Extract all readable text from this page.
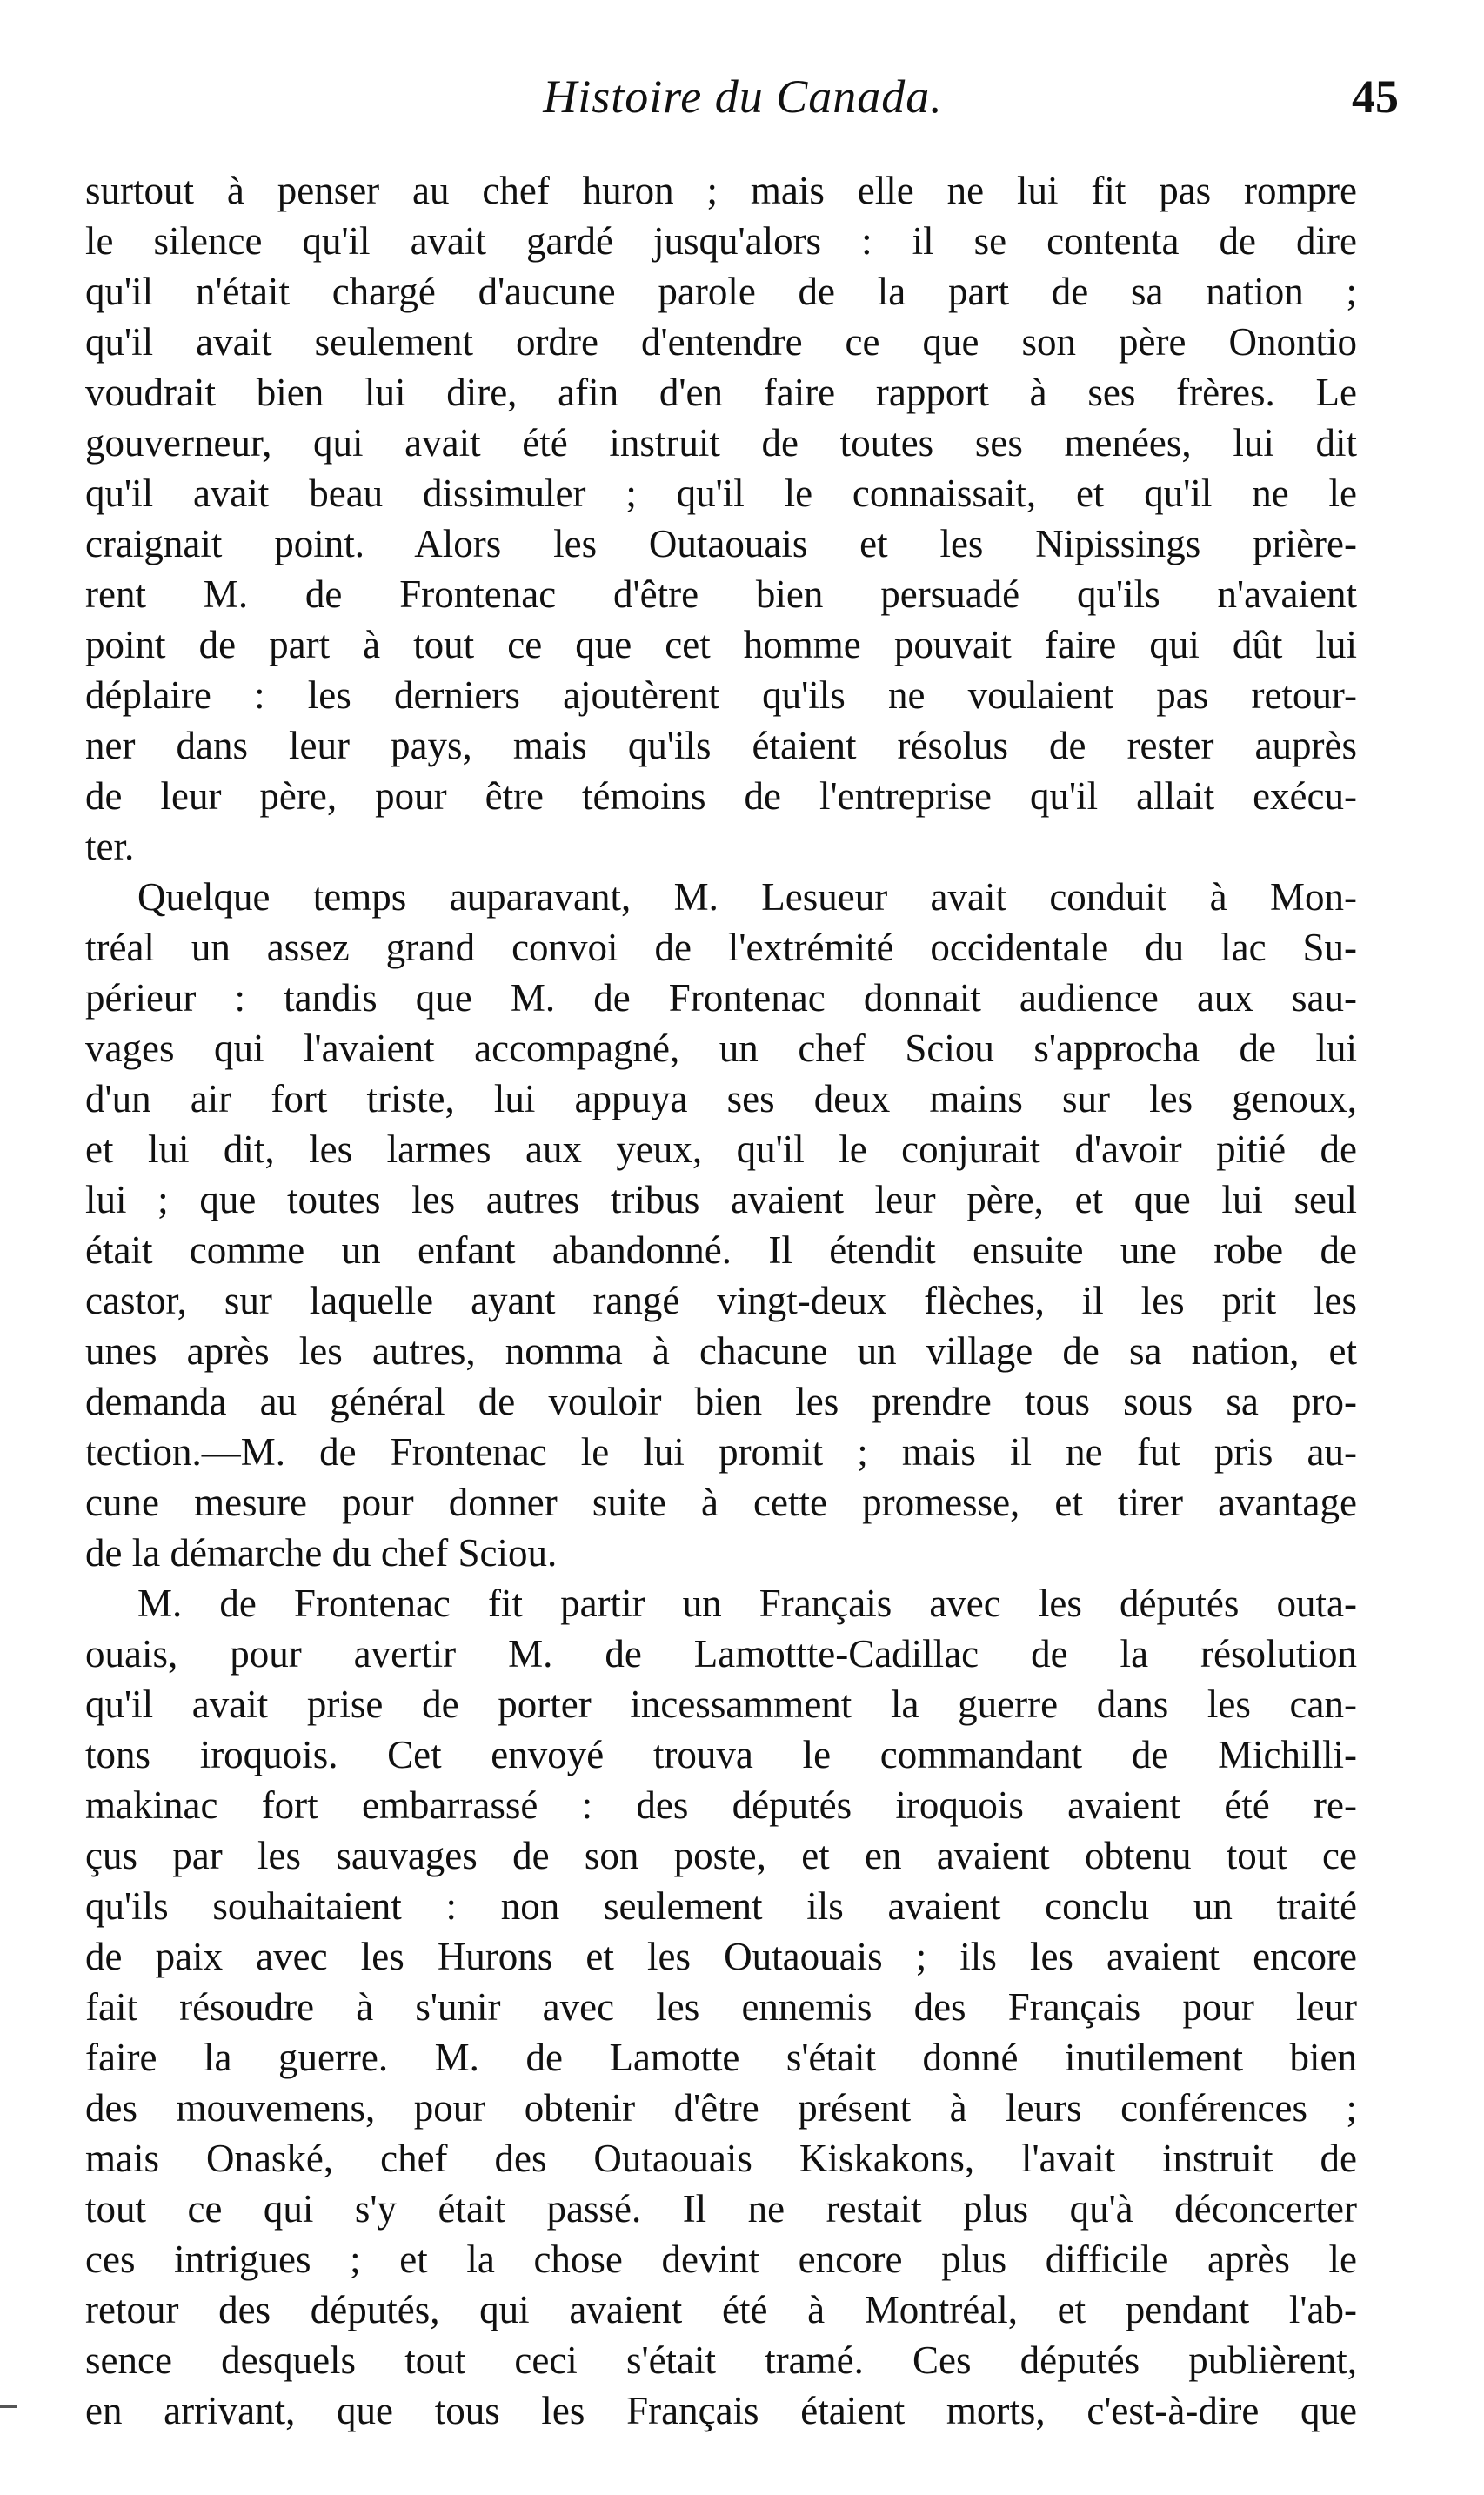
Histoire du Canada.	45
surtout à penser au chef huron ; mais elle ne lui fit pas rompre
le silence qu'il avait gardé jusqu'alors : il se contenta de dire
qu'il n'était chargé d'aucune parole de la part de sa nation ;
qu'il avait seulement ordre d'entendre ce que son père Onontio
voudrait bien lui dire, afin d'en faire rapport à ses frères. Le
gouverneur, qui avait été instruit de toutes ses menées, lui dit
qu'il avait beau dissimuler ; qu'il le connaissait, et qu'il ne le
craignait point. Alors les Outaouais et les Nipissings prière-
rent M. de Frontenac d'être bien persuadé qu'ils n'avaient
point de part à tout ce que cet homme pouvait faire qui dût lui
déplaire : les derniers ajoutèrent qu'ils ne voulaient pas retour-
ner dans leur pays, mais qu'ils étaient résolus de rester auprès
de leur père, pour être témoins de l'entreprise qu'il allait exécu-
ter.
Quelque temps auparavant, M. Lesueur avait conduit à Mon-
tréal un assez grand convoi de l'extrémité occidentale du lac Su-
périeur : tandis que M. de Frontenac donnait audience aux sau-
vages qui l'avaient accompagné, un chef Sciou s'approcha de lui
d'un air fort triste, lui appuya ses deux mains sur les genoux,
et lui dit, les larmes aux yeux, qu'il le conjurait d'avoir pitié de
lui ; que toutes les autres tribus avaient leur père, et que lui seul
était comme un enfant abandonné. Il étendit ensuite une robe de
castor, sur laquelle ayant rangé vingt-deux flèches, il les prit les
unes après les autres, nomma à chacune un village de sa nation, et
demanda au général de vouloir bien les prendre tous sous sa pro-
tection.—M. de Frontenac le lui promit ; mais il ne fut pris au-
cune mesure pour donner suite à cette promesse, et tirer avantage
de la démarche du chef Sciou.
M. de Frontenac fit partir un Français avec les députés outa-
ouais, pour avertir M. de Lamottte-Cadillac de la résolution
qu'il avait prise de porter incessamment la guerre dans les can-
tons iroquois. Cet envoyé trouva le commandant de Michilli-
makinac fort embarrassé : des députés iroquois avaient été re-
çus par les sauvages de son poste, et en avaient obtenu tout ce
qu'ils souhaitaient : non seulement ils avaient conclu un traité
de paix avec les Hurons et les Outaouais ; ils les avaient encore
fait résoudre à s'unir avec les ennemis des Français pour leur
faire la guerre. M. de Lamotte s'était donné inutilement bien
des mouvemens, pour obtenir d'être présent à leurs conférences ;
mais Onaské, chef des Outaouais Kiskakons, l'avait instruit de
tout ce qui s'y était passé. Il ne restait plus qu'à déconcerter
ces intrigues ; et la chose devint encore plus difficile après le
retour des députés, qui avaient été à Montréal, et pendant l'ab-
sence desquels tout ceci s'était tramé. Ces députés publièrent,
en arrivant, que tous les Français étaient morts, c'est-à-dire que
